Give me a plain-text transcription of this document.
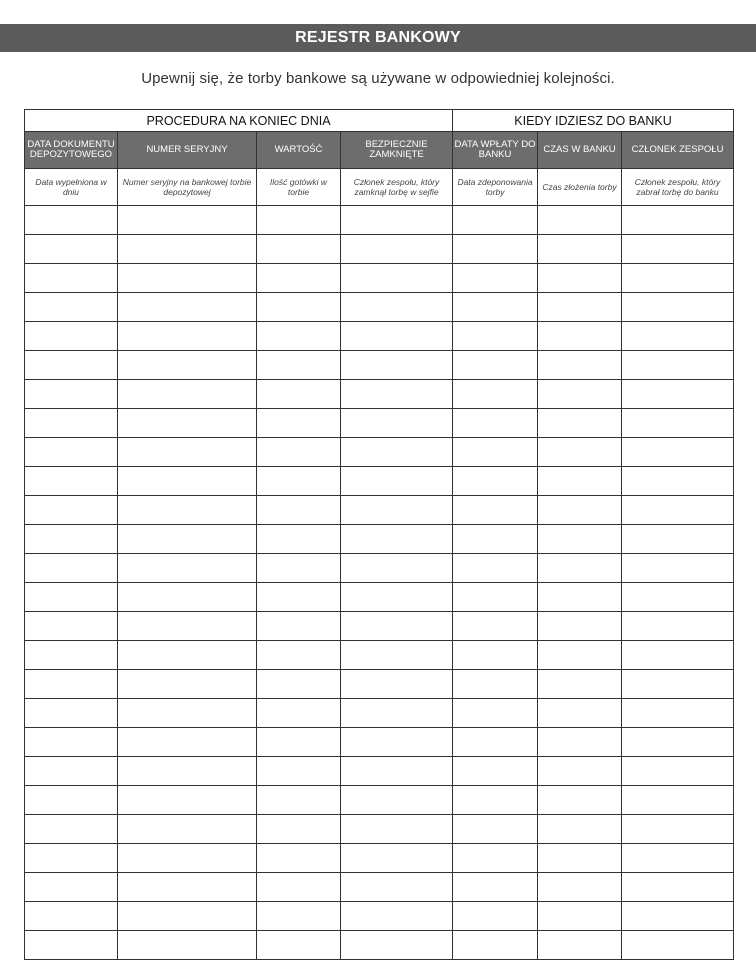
REJESTR BANKOWY
Upewnij się, że torby bankowe są używane w odpowiedniej kolejności.
PROCEDURA NA KONIEC DNIA				KIEDY IDZIESZ DO BANKU		
DATA DOKUMENTU DEPOZYTOWEGO	NUMER SERYJNY	WARTOŚĆ	BEZPIECZNIE ZAMKNIĘTE	DATA WPŁATY DO BANKU	CZAS W BANKU	CZŁONEK ZESPOŁU
Data wypełniona w dniu	Numer seryjny na bankowej torbie depozytowej	Ilość gotówki w torbie	Członek zespołu, który zamknął torbę w sejfie	Data zdeponowania torby	Czas złożenia torby	Członek zespołu, który zabrał torbę do banku
